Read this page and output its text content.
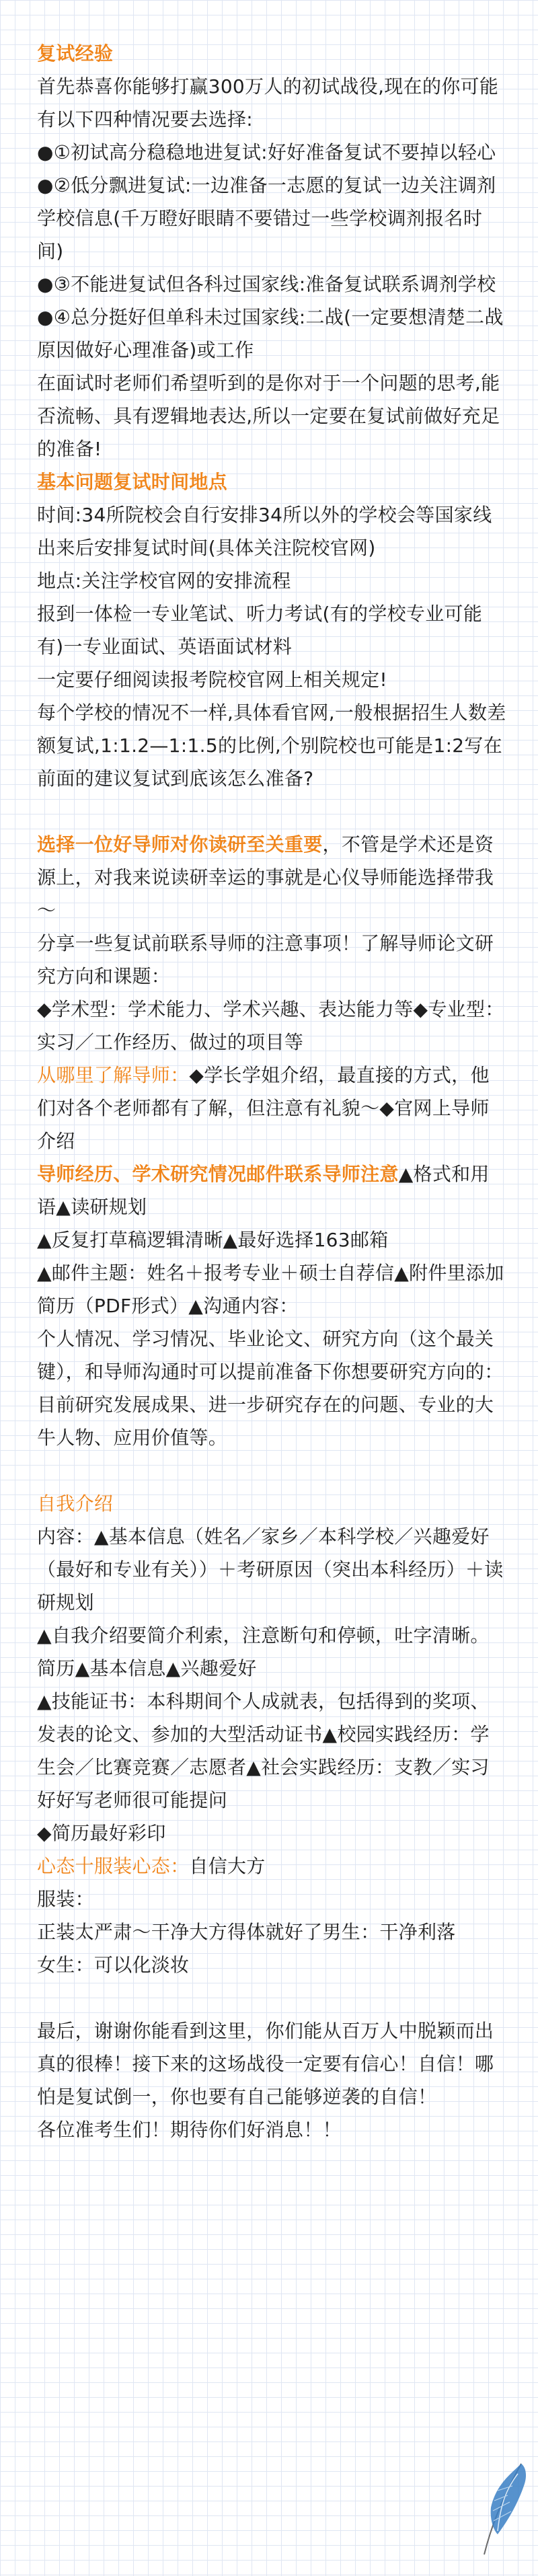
复试经验
首先恭喜你能够打赢300万人的初试战役,现在的你可能有以下四种情况要去选择:
●①初试高分稳稳地进复试:好好准备复试不要掉以轻心
●②低分飘进复试:一边准备一志愿的复试一边关注调剂学校信息(千万瞪好眼睛不要错过一些学校调剂报名时间)
●③不能进复试但各科过国家线:准备复试联系调剂学校
●④总分挺好但单科未过国家线:二战(一定要想清楚二战原因做好心理准备)或工作
在面试时老师们希望听到的是你对于一个问题的思考,能否流畅、具有逻辑地表达,所以一定要在复试前做好充足的准备!
基本问题复试时间地点
时间:34所院校会自行安排34所以外的学校会等国家线出来后安排复试时间(具体关注院校官网)
地点:关注学校官网的安排流程
报到一体检一专业笔试、听力考试(有的学校专业可能有)一专业面试、英语面试材料
一定要仔细阅读报考院校官网上相关规定!
每个学校的情况不一样,具体看官网,一般根据招生人数差额复试,1:1.2—1:1.5的比例,个别院校也可能是1:2写在前面的建议复试到底该怎么准备?
选择一位好导师对你读研至关重要，不管是学术还是资源上，对我来说读研幸运的事就是心仪导师能选择带我～
分享一些复试前联系导师的注意事项！了解导师论文研究方向和课题：
◆学术型：学术能力、学术兴趣、表达能力等◆专业型：实习／工作经历、做过的项目等
从哪里了解导师：◆学长学姐介绍，最直接的方式，他们对各个老师都有了解，但注意有礼貌～◆官网上导师介绍
导师经历、学术研究情况邮件联系导师注意▲格式和用语▲读研规划
▲反复打草稿逻辑清晰▲最好选择163邮箱
▲邮件主题：姓名＋报考专业＋硕士自荐信▲附件里添加简历（PDF形式）▲沟通内容：
个人情况、学习情况、毕业论文、研究方向（这个最关键），和导师沟通时可以提前准备下你想要研究方向的：目前研究发展成果、进一步研究存在的问题、专业的大牛人物、应用价值等。
自我介绍
内容：▲基本信息（姓名／家乡／本科学校／兴趣爱好（最好和专业有关））＋考研原因（突出本科经历）＋读研规划
▲自我介绍要简介利索，注意断句和停顿，吐字清晰。
简历▲基本信息▲兴趣爱好
▲技能证书：本科期间个人成就表，包括得到的奖项、发表的论文、参加的大型活动证书▲校园实践经历：学生会／比赛竞赛／志愿者▲社会实践经历：支教／实习好好写老师很可能提问
◆简历最好彩印
心态十服装心态：自信大方
服装：
正装太严肃～干净大方得体就好了男生：干净利落
女生：可以化淡妆
最后，谢谢你能看到这里，你们能从百万人中脱颖而出真的很棒！接下来的这场战役一定要有信心！自信！哪怕是复试倒一，你也要有自己能够逆袭的自信！
各位准考生们！期待你们好消息！！
